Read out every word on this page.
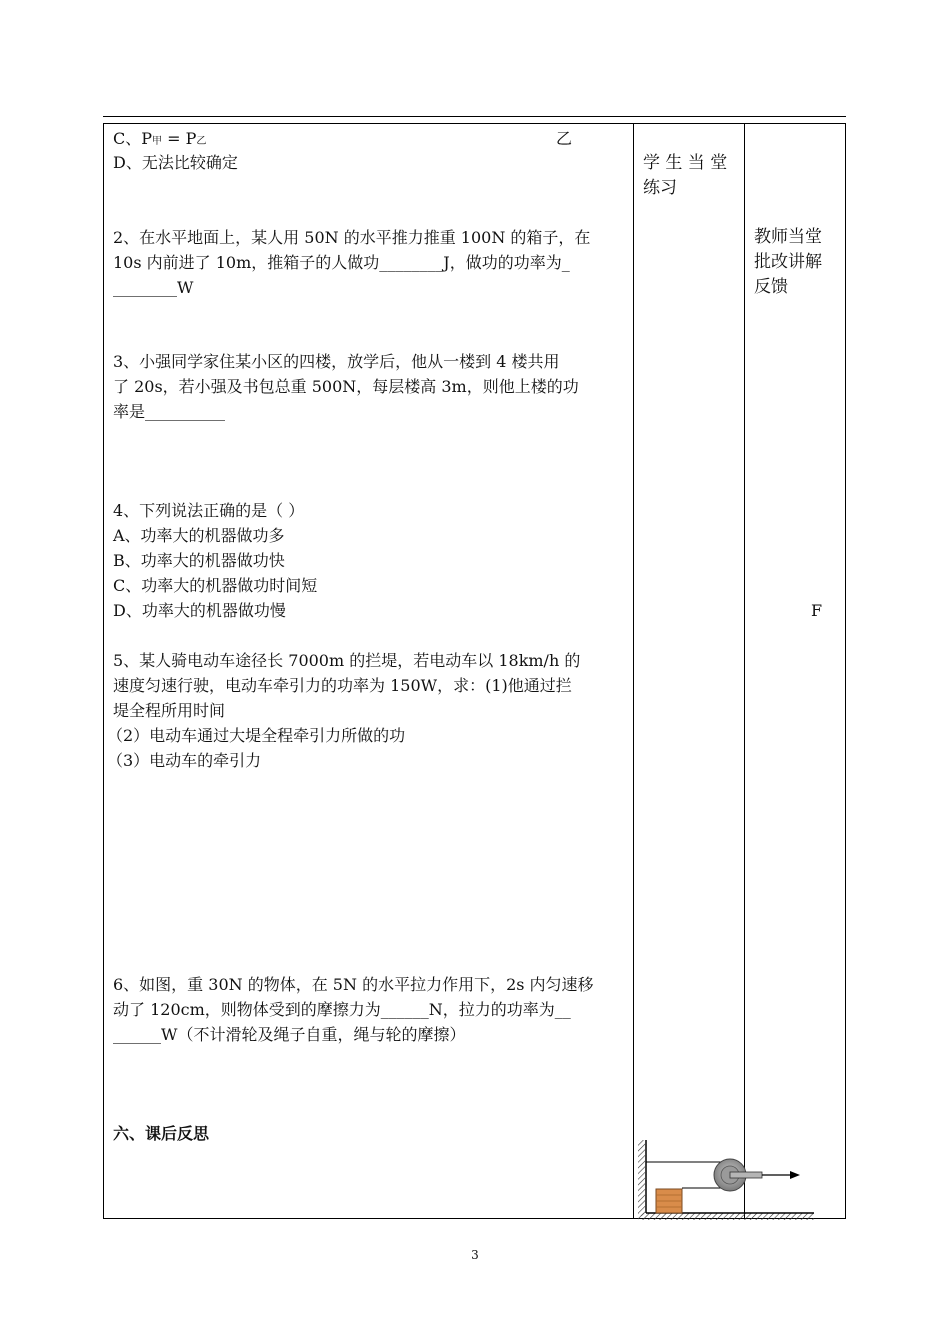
C、P甲 = P乙	乙
D、无法比较确定
2、在水平地面上，某人用 50N 的水平推力推重 100N 的箱子，在
10s 内前进了 10m，推箱子的人做功________J，做功的功率为_
________W
3、小强同学家住某小区的四楼，放学后，他从一楼到 4 楼共用
了 20s，若小强及书包总重 500N，每层楼高 3m，则他上楼的功
率是__________
4、下列说法正确的是（ ）
A、功率大的机器做功多
B、功率大的机器做功快
C、功率大的机器做功时间短
D、功率大的机器做功慢
5、某人骑电动车途径长 7000m 的拦堤，若电动车以 18km/h 的
速度匀速行驶，电动车牵引力的功率为 150W，求：(1)他通过拦
堤全程所用时间
（2）电动车通过大堤全程牵引力所做的功
（3）电动车的牵引力
6、如图，重 30N 的物体，在 5N 的水平拉力作用下，2s 内匀速移
动了 120cm，则物体受到的摩擦力为______N，拉力的功率为__
______W（不计滑轮及绳子自重，绳与轮的摩擦）
六、课后反思
学 生 当 堂
练习
教师当堂
批改讲解
反馈
F
3
